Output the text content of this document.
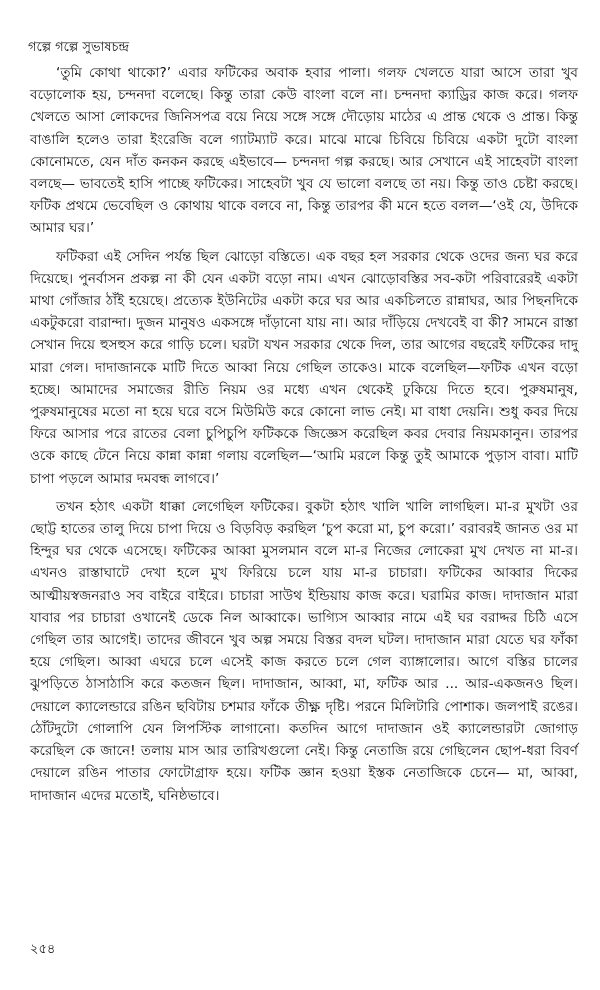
গল্পে গল্পে সুভাষচন্দ্র

‘তুমি কোথা থাকো?’ এবার ফটিকের অবাক হবার পালা। গলফ খেলতে যারা আসে তারা খুব বড়োলোক হয়, চন্দনদা বলেছে। কিন্তু তারা কেউ বাংলা বলে না। চন্দনদা ক্যাড্রির কাজ করে। গলফ খেলতে আসা লোকদের জিনিসপত্র বয়ে নিয়ে সঙ্গে সঙ্গে দৌড়োয় মাঠের এ প্রান্ত থেকে ও প্রান্ত। কিন্তু বাঙালি হলেও তারা ইংরেজি বলে গ্যাটম্যাট করে। মাঝে মাঝে চিবিয়ে চিবিয়ে একটা দুটো বাংলা কোনোমতে, যেন দাঁত কনকন করছে এইভাবে— চন্দনদা গল্প করছে। আর সেখানে এই সাহেবটা বাংলা বলছে— ভাবতেই হাসি পাচ্ছে ফটিকের। সাহেবটা খুব যে ভালো বলছে তা নয়। কিন্তু তাও চেষ্টা করছে। ফটিক প্রথমে ভেবেছিল ও কোথায় থাকে বলবে না, কিন্তু তারপর কী মনে হতে বলল—‘ওই যে, উদিকে আমার ঘর।’

ফটিকরা এই সেদিন পর্যন্ত ছিল ঝোড়ো বস্তিতে। এক বছর হল সরকার থেকে ওদের জন্য ঘর করে দিয়েছে। পুনর্বাসন প্রকল্প না কী যেন একটা বড়ো নাম। এখন ঝোড়োবস্তির সব-কটা পরিবারেরই একটা মাথা গোঁজার ঠাঁই হয়েছে। প্রত্যেক ইউনিটের একটা করে ঘর আর একচিলতে রান্নাঘর, আর পিছনদিকে একটুকরো বারান্দা। দুজন মানুষও একসঙ্গে দাঁড়ানো যায় না। আর দাঁড়িয়ে দেখবেই বা কী? সামনে রাস্তা সেখান দিয়ে হুসহুস করে গাড়ি চলে। ঘরটা যখন সরকার থেকে দিল, তার আগের বছরেই ফটিকের দাদু মারা গেল। দাদাজানকে মাটি দিতে আব্বা নিয়ে গেছিল তাকেও। মাকে বলেছিল—ফটিক এখন বড়ো হচ্ছে। আমাদের সমাজের রীতি নিয়ম ওর মধ্যে এখন থেকেই ঢুকিয়ে দিতে হবে। পুরুষমানুষ, পুরুষমানুষের মতো না হয়ে ঘরে বসে মিউমিউ করে কোনো লাভ নেই। মা বাধা দেয়নি। শুধু কবর দিয়ে ফিরে আসার পরে রাতের বেলা চুপিচুপি ফটিককে জিজ্ঞেস করেছিল কবর দেবার নিয়মকানুন। তারপর ওকে কাছে টেনে নিয়ে কান্না কান্না গলায় বলেছিল—‘আমি মরলে কিন্তু তুই আমাকে পুড়াস বাবা। মাটি চাপা পড়লে আমার দমবন্ধ লাগবে।’

তখন হঠাৎ একটা ধাক্কা লেগেছিল ফটিকের। বুকটা হঠাৎ খালি খালি লাগছিল। মা-র মুখটা ওর ছোট্ট হাতের তালু দিয়ে চাপা দিয়ে ও বিড়বিড় করছিল ‘চুপ করো মা, চুপ করো।’ বরাবরই জানত ওর মা হিন্দুর ঘর থেকে এসেছে। ফটিকের আব্বা মুসলমান বলে মা-র নিজের লোকেরা মুখ দেখত না মা-র। এখনও রাস্তাঘাটে দেখা হলে মুখ ফিরিয়ে চলে যায় মা-র চাচারা। ফটিকের আব্বার দিকের আত্মীয়স্বজনরাও সব বাইরে বাইরে। চাচারা সাউথ ইন্ডিয়ায় কাজ করে। ঘরামির কাজ। দাদাজান মারা যাবার পর চাচারা ওখানেই ডেকে নিল আব্বাকে। ভাগ্যিস আব্বার নামে এই ঘর বরাদ্দর চিঠি এসে গেছিল তার আগেই। তাদের জীবনে খুব অল্প সময়ে বিস্তর বদল ঘটল। দাদাজান মারা যেতে ঘর ফাঁকা হয়ে গেছিল। আব্বা এঘরে চলে এসেই কাজ করতে চলে গেল ব্যাঙ্গালোর। আগে বস্তির চালের ঝুপড়িতে ঠাসাঠাসি করে কতজন ছিল। দাদাজান, আব্বা, মা, ফটিক আর ... আর-একজনও ছিল। দেয়ালে ক্যালেন্ডারে রঙিন ছবিটায় চশমার ফাঁকে তীক্ষ্ণ দৃষ্টি। পরনে মিলিটারি পোশাক। জলপাই রঙের। ঠোঁটদুটো গোলাপি যেন লিপস্টিক লাগানো। কতদিন আগে দাদাজান ওই ক্যালেন্ডারটা জোগাড় করেছিল কে জানে! তলায় মাস আর তারিখগুলো নেই। কিন্তু নেতাজি রয়ে গেছিলেন ছোপ-ধরা বিবর্ণ দেয়ালে রঙিন পাতার ফোটোগ্রাফ হয়ে। ফটিক জ্ঞান হওয়া ইস্তক নেতাজিকে চেনে— মা, আব্বা, দাদাজান এদের মতোই, ঘনিষ্ঠভাবে।

২৫৪
